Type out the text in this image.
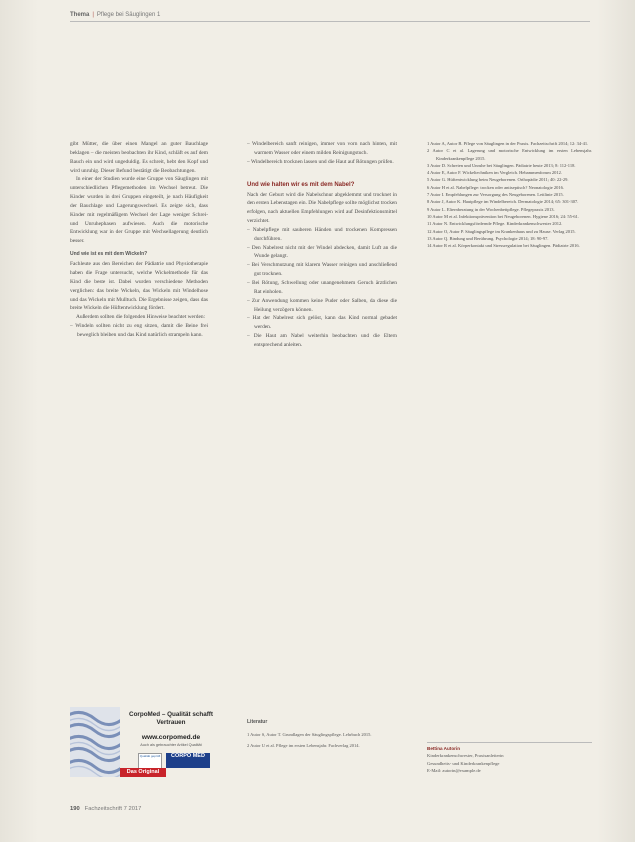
Thema | Pflege bei Säuglingen 1

gibt Mütter, die über einen Mangel an guter Bauchlage beklagen – die meisten beobachten ihr Kind, schläft es auf dem Bauch ein und wird ungeduldig. Es schreit, hebt den Kopf und wird unruhig. Dieser Befund bestätigt die Beobachtungen.

In einer der Studien wurde eine Gruppe von Säuglingen mit unterschiedlichen Pflegemethoden im Wechsel betreut. Die Kinder wurden in drei Gruppen eingeteilt, je nach Häufigkeit der Bauchlage und Lagerungswechsel. Es zeigte sich, dass Kinder mit regelmäßigem Wechsel der Lage weniger Schrei- und Unruhephasen aufwiesen. Auch die motorische Entwicklung war in der Gruppe mit Wechsellagerung deutlich besser.

Und wie ist es mit dem Wickeln?

Fachleute aus den Bereichen der Pädiatrie und Physiotherapie haben die Frage untersucht, welche Wickelmethode für das Kind die beste ist. Dabei wurden verschiedene Methoden verglichen: das breite Wickeln, das Wickeln mit Windelhose und das Wickeln mit Mulltuch. Die Ergebnisse zeigen, dass das breite Wickeln die Hüftentwicklung fördert.

Außerdem sollten die folgenden Hinweise beachtet werden:

– Windeln sollten nicht zu eng sitzen, damit die Beine frei beweglich bleiben und das Kind natürlich strampeln kann.

– Windelbereich sanft reinigen, immer von vorn nach hinten, mit warmem Wasser oder einem milden Reinigungstuch.

– Windelbereich trocknen lassen und die Haut auf Rötungen prüfen.

Und wie halten wir es mit dem Nabel?

Nach der Geburt wird die Nabelschnur abgeklemmt und trocknet in den ersten Lebenstagen ein. Die Nabelpflege sollte möglichst trocken erfolgen, nach aktuellen Empfehlungen wird auf Desinfektionsmittel verzichtet.

– Nabelpflege mit sauberen Händen und trockenen Kompressen durchführen.

– Den Nabelrest nicht mit der Windel abdecken, damit Luft an die Wunde gelangt.

– Bei Verschmutzung mit klarem Wasser reinigen und anschließend gut trocknen.

– Bei Rötung, Schwellung oder unangenehmem Geruch ärztlichen Rat einholen.

– Zur Anwendung kommen keine Puder oder Salben, da diese die Heilung verzögern können.

– Hat der Nabelrest sich gelöst, kann das Kind normal gebadet werden.

– Die Haut am Nabel weiterhin beobachten und die Eltern entsprechend anleiten.

1 Autor A, Autor B. Pflege von Säuglingen in der Praxis. Fachzeitschrift 2014; 12: 34-41.

2 Autor C et al. Lagerung und motorische Entwicklung im ersten Lebensjahr. Kinderkrankenpflege 2015.

3 Autor D. Schreien und Unruhe bei Säuglingen. Pädiatrie heute 2013; 8: 112-118.

4 Autor E, Autor F. Wickeltechniken im Vergleich. Hebammenforum 2012.

5 Autor G. Hüftentwicklung beim Neugeborenen. Orthopädie 2011; 40: 22-29.

6 Autor H et al. Nabelpflege: trocken oder antiseptisch? Neonatologie 2016.

7 Autor I. Empfehlungen zur Versorgung des Neugeborenen. Leitlinie 2015.

8 Autor J, Autor K. Hautpflege im Windelbereich. Dermatologie 2014; 65: 301-307.

9 Autor L. Elternberatung in der Wochenbettpflege. Pflegepraxis 2013.

10 Autor M et al. Infektionsprävention bei Neugeborenen. Hygiene 2016; 24: 55-61.

11 Autor N. Entwicklungsfördernde Pflege. Kinderkrankenschwester 2012.

12 Autor O, Autor P. Säuglingspflege im Krankenhaus und zu Hause. Verlag 2015.

13 Autor Q. Bindung und Berührung. Psychologie 2014; 18: 90-97.

14 Autor R et al. Körperkontakt und Stressregulation bei Säuglingen. Pädiatrie 2016.

CorpoMed – Qualität schafft Vertrauen
www.corpomed.de
Auch als gebrauchter Artikel Qualität
Qualität geprüft	CORPO MED
Das Original
Literatur

1 Autor S, Autor T. Grundlagen der Säuglingspflege. Lehrbuch 2015.

2 Autor U et al. Pflege im ersten Lebensjahr. Fachverlag 2014.

Bettina Autorin
Kinderkrankenschwester, Praxisanleiterin
Gesundheits- und Kinderkrankenpflege
E-Mail: autorin@example.de
190 Fachzeitschrift 7 2017
